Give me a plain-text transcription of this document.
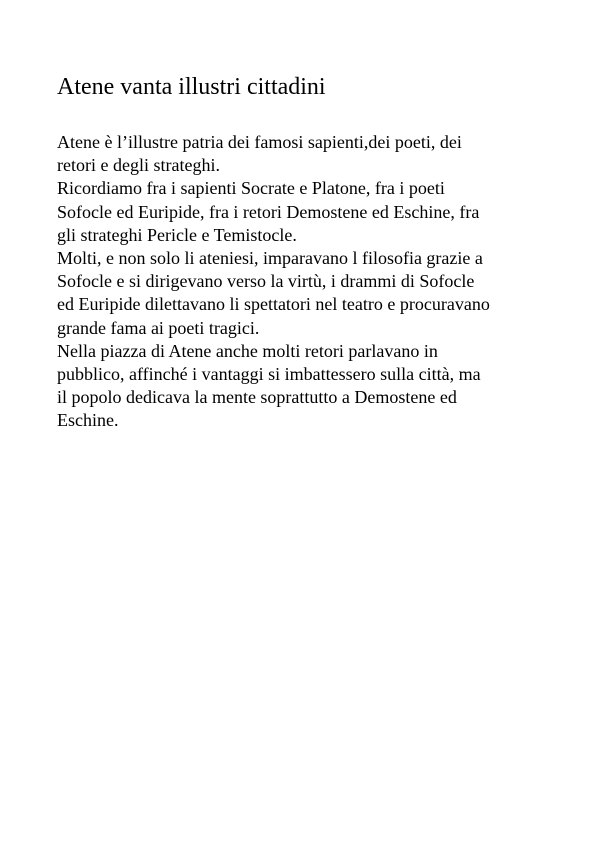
Atene vanta illustri cittadini
Atene è l’illustre patria dei famosi sapienti,dei poeti, dei
retori e degli strateghi.
Ricordiamo fra i sapienti Socrate e Platone, fra i poeti
Sofocle ed Euripide, fra i retori Demostene ed Eschine, fra
gli strateghi Pericle e Temistocle.
Molti, e non solo li ateniesi, imparavano l filosofia grazie a
Sofocle e si dirigevano verso la virtù, i drammi di Sofocle
ed Euripide dilettavano li spettatori nel teatro e procuravano
grande fama ai poeti tragici.
Nella piazza di Atene anche molti retori parlavano in
pubblico, affinché i vantaggi si imbattessero sulla città, ma
il popolo dedicava la mente soprattutto a Demostene ed
Eschine.
